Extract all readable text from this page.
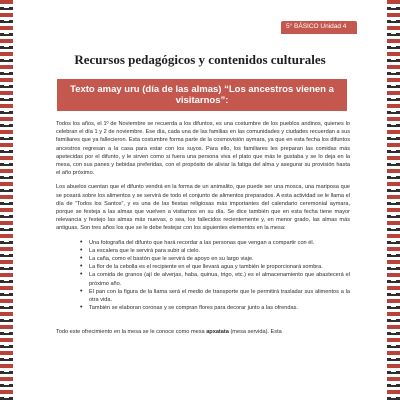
5° BÁSICO Unidad 4
Recursos pedagógicos y contenidos culturales
Texto amay uru (día de las almas) “Los ancestros vienen a
visitarnos”:

Todos los años, el 1º de Noviembre se recuerda a los difuntos, es una costumbre de los pueblos andinos, quienes lo celebran el día 1 y 2 de noviembre. Ese día, cada una de las familias en las comunidades y ciudades recuerdan a sus familiares que ya fallecieron. Esta costumbre forma parte de la cosmovisión aymara, ya que en esta fecha los difuntos ancestros regresan a la casa para estar con los suyos. Para ello, los familiares les preparan las comidas más apetecidas por el difunto, y le sirven como si fuera una persona viva el plato que más le gustaba y se lo deja en la mesa, con sus panes y bebidas preferidas, con el propósito de aliviar la fatiga del alma y asegurar su provisión hasta el año próximo.

Los abuelos cuentan que el difunto vendrá en la forma de un animalito, que puede ser una mosca, una mariposa que se posará sobre los alimentos y se servirá de todo el conjunto de alimentos preparados. A esta actividad se le llama el día de “Todos los Santos”, y es una de las fiestas religiosas más importantes del calendario ceremonial aymara, porque se festeja a las almas que vuelven a visitarnos en su día. Se dice también que en esta fecha tiene mayor relevancia y festejo las almas más nuevas, o sea, los fallecidos recientemente y, en menor grado, las almas más antiguas. Son tres años los que se le debe festejar con los siguientes elementos en la mesa:

• Una fotografía del difunto que hará recordar a las personas que vengan a compartir con él.
• La escalera que le servirá para subir al cielo.
• La caña, como el bastón que le servirá de apoyo en su largo viaje.
• La flor de la cebolla es el recipiente en el que llevará agua y también le proporcionará sombra.
• La comida de granos (ají de alverjas, haba, quinua, trigo, etc.) es el almacenamiento que abastecerá el próximo año.
• El pan con la figura de la llama será el medio de transporte que le permitirá trasladar sus alimentos a la otra vida.
• También se elaboran coronas y se compran flores para decorar junto a las ofrendas.

Todo este ofrecimiento en la mesa se le conoce como mesa apxatata (mesa servida). Esta
